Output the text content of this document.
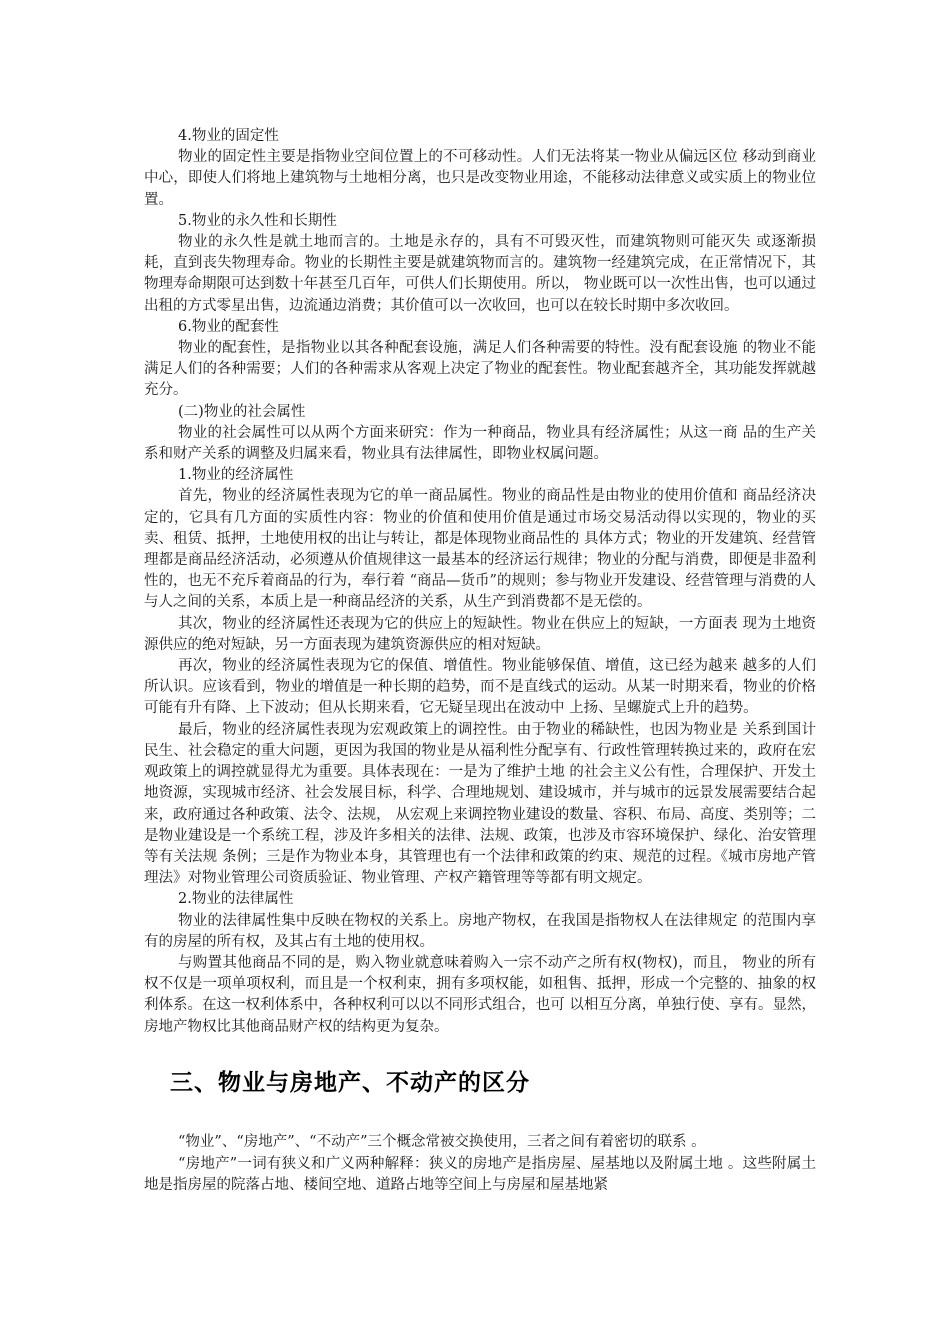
4.物业的固定性

物业的固定性主要是指物业空间位置上的不可移动性。人们无法将某一物业从偏远区位 移动到商业中心，即使人们将地上建筑物与土地相分离，也只是改变物业用途，不能移动法律意义或实质上的物业位置。

5.物业的永久性和长期性

物业的永久性是就土地而言的。土地是永存的，具有不可毁灭性，而建筑物则可能灭失 或逐渐损耗，直到丧失物理寿命。物业的长期性主要是就建筑物而言的。建筑物一经建筑完成，在正常情况下，其物理寿命期限可达到数十年甚至几百年，可供人们长期使用。所以， 物业既可以一次性出售，也可以通过出租的方式零星出售，边流通边消费；其价值可以一次收回，也可以在较长时期中多次收回。

6.物业的配套性

物业的配套性，是指物业以其各种配套设施，满足人们各种需要的特性。没有配套设施 的物业不能满足人们的各种需要；人们的各种需求从客观上决定了物业的配套性。物业配套越齐全，其功能发挥就越充分。

(二)物业的社会属性

物业的社会属性可以从两个方面来研究：作为一种商品，物业具有经济属性；从这一商 品的生产关系和财产关系的调整及归属来看，物业具有法律属性，即物业权属问题。

1.物业的经济属性

首先，物业的经济属性表现为它的单一商品属性。物业的商品性是由物业的使用价值和 商品经济决定的，它具有几方面的实质性内容：物业的价值和使用价值是通过市场交易活动得以实现的，物业的买卖、租赁、抵押，土地使用权的出让与转让，都是体现物业商品性的 具体方式；物业的开发建筑、经营管理都是商品经济活动，必须遵从价值规律这一最基本的经济运行规律；物业的分配与消费，即便是非盈利性的，也无不充斥着商品的行为，奉行着 “商品—货币”的规则；参与物业开发建设、经营管理与消费的人与人之间的关系，本质上是一种商品经济的关系，从生产到消费都不是无偿的。

其次，物业的经济属性还表现为它的供应上的短缺性。物业在供应上的短缺，一方面表 现为土地资源供应的绝对短缺，另一方面表现为建筑资源供应的相对短缺。

再次，物业的经济属性表现为它的保值、增值性。物业能够保值、增值，这已经为越来 越多的人们所认识。应该看到，物业的增值是一种长期的趋势，而不是直线式的运动。从某一时期来看，物业的价格可能有升有降、上下波动；但从长期来看，它无疑呈现出在波动中 上扬、呈螺旋式上升的趋势。

最后，物业的经济属性表现为宏观政策上的调控性。由于物业的稀缺性，也因为物业是 关系到国计民生、社会稳定的重大问题，更因为我国的物业是从福利性分配享有、行政性管理转换过来的，政府在宏观政策上的调控就显得尤为重要。具体表现在：一是为了维护土地 的社会主义公有性，合理保护、开发土地资源，实现城市经济、社会发展目标，科学、合理地规划、建设城市，并与城市的远景发展需要结合起来，政府通过各种政策、法令、法规， 从宏观上来调控物业建设的数量、容积、布局、高度、类别等；二是物业建设是一个系统工程，涉及许多相关的法律、法规、政策，也涉及市容环境保护、绿化、治安管理等有关法规 条例；三是作为物业本身，其管理也有一个法律和政策的约束、规范的过程。《城市房地产管理法》对物业管理公司资质验证、物业管理、产权产籍管理等等都有明文规定。

2.物业的法律属性

物业的法律属性集中反映在物权的关系上。房地产物权，在我国是指物权人在法律规定 的范围内享有的房屋的所有权，及其占有土地的使用权。

与购置其他商品不同的是，购入物业就意味着购入一宗不动产之所有权(物权)，而且， 物业的所有权不仅是一项单项权利，而且是一个权利束，拥有多项权能，如租售、抵押，形成一个完整的、抽象的权利体系。在这一权利体系中，各种权利可以以不同形式组合，也可 以相互分离，单独行使、享有。显然，房地产物权比其他商品财产权的结构更为复杂。

三、物业与房地产、不动产的区分

“物业”、“房地产”、“不动产”三个概念常被交换使用，三者之间有着密切的联系 。

“房地产”一词有狭义和广义两种解释：狭义的房地产是指房屋、屋基地以及附属土地 。这些附属土地是指房屋的院落占地、楼间空地、道路占地等空间上与房屋和屋基地紧
